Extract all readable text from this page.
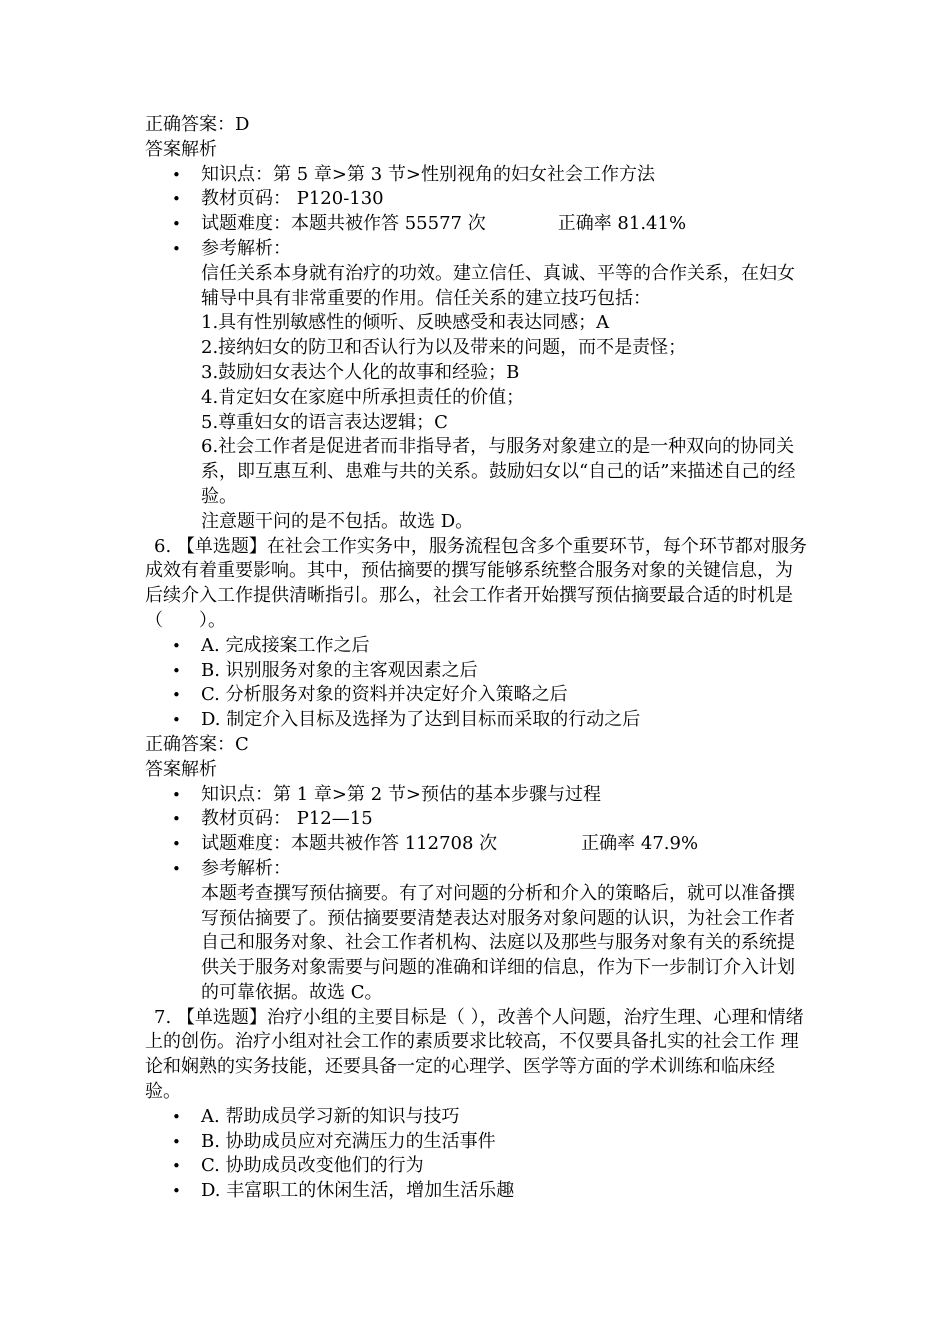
正确答案：D
答案解析
• 知识点：第 5 章>第 3 节>性别视角的妇女社会工作方法
• 教材页码： P120-130
• 试题难度：本题共被作答 55577 次	正确率 81.41%
• 参考解析：
信任关系本身就有治疗的功效。建立信任、真诚、平等的合作关系，在妇女辅导中具有非常重要的作用。信任关系的建立技巧包括：
1.具有性别敏感性的倾听、反映感受和表达同感；A
2.接纳妇女的防卫和否认行为以及带来的问题，而不是责怪；
3.鼓励妇女表达个人化的故事和经验；B
4.肯定妇女在家庭中所承担责任的价值；
5.尊重妇女的语言表达逻辑；C
6.社会工作者是促进者而非指导者，与服务对象建立的是一种双向的协同关系，即互惠互利、患难与共的关系。鼓励妇女以“自己的话”来描述自己的经验。
注意题干问的是不包括。故选 D。
6. 【单选题】在社会工作实务中，服务流程包含多个重要环节，每个环节都对服务成效有着重要影响。其中，预估摘要的撰写能够系统整合服务对象的关键信息，为后续介入工作提供清晰指引。那么，社会工作者开始撰写预估摘要最合适的时机是（　　）。
• A. 完成接案工作之后
• B. 识别服务对象的主客观因素之后
• C. 分析服务对象的资料并决定好介入策略之后
• D. 制定介入目标及选择为了达到目标而采取的行动之后
正确答案：C
答案解析
• 知识点：第 1 章>第 2 节>预估的基本步骤与过程
• 教材页码： P12—15
• 试题难度：本题共被作答 112708 次	正确率 47.9%
• 参考解析：
本题考查撰写预估摘要。有了对问题的分析和介入的策略后，就可以准备撰写预估摘要了。预估摘要要清楚表达对服务对象问题的认识，为社会工作者自己和服务对象、社会工作者机构、法庭以及那些与服务对象有关的系统提供关于服务对象需要与问题的准确和详细的信息，作为下一步制订介入计划的可靠依据。故选 C。
7. 【单选题】治疗小组的主要目标是（ ），改善个人问题，治疗生理、心理和情绪上的创伤。治疗小组对社会工作的素质要求比较高，不仅要具备扎实的社会工作 理论和娴熟的实务技能，还要具备一定的心理学、医学等方面的学术训练和临床经验。
• A. 帮助成员学习新的知识与技巧
• B. 协助成员应对充满压力的生活事件
• C. 协助成员改变他们的行为
• D. 丰富职工的休闲生活，增加生活乐趣
